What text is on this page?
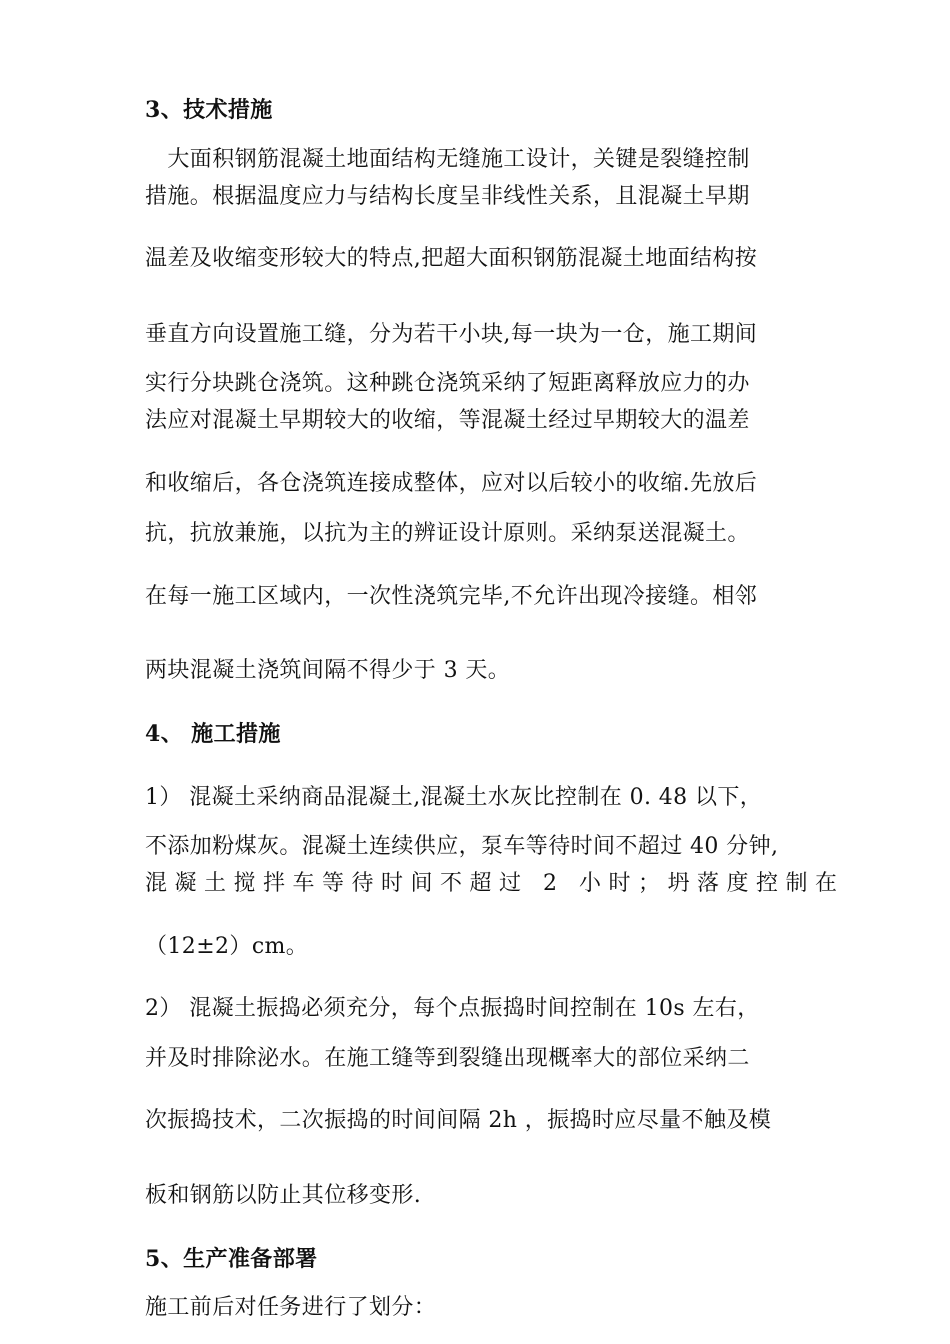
3、技术措施
　大面积钢筋混凝土地面结构无缝施工设计，关键是裂缝控制
措施。根据温度应力与结构长度呈非线性关系，且混凝土早期
温差及收缩变形较大的特点,把超大面积钢筋混凝土地面结构按
垂直方向设置施工缝，分为若干小块,每一块为一仓，施工期间
实行分块跳仓浇筑。这种跳仓浇筑采纳了短距离释放应力的办
法应对混凝土早期较大的收缩，等混凝土经过早期较大的温差
和收缩后，各仓浇筑连接成整体，应对以后较小的收缩.先放后
抗，抗放兼施，以抗为主的辨证设计原则。采纳泵送混凝土。
在每一施工区域内，一次性浇筑完毕,不允许出现冷接缝。相邻
两块混凝土浇筑间隔不得少于 3 天。
4、 施工措施
1） 混凝土采纳商品混凝土,混凝土水灰比控制在 0. 48 以下，
不添加粉煤灰。混凝土连续供应，泵车等待时间不超过 40 分钟,
混凝土搅拌车等待时间不超过 2 小时；坍落度控制在
（12±2）cm。
2） 混凝土振捣必须充分，每个点振捣时间控制在 10s 左右，
并及时排除泌水。在施工缝等到裂缝出现概率大的部位采纳二
次振捣技术，二次振捣的时间间隔 2h ，振捣时应尽量不触及模
板和钢筋以防止其位移变形.
5、生产准备部署
施工前后对任务进行了划分：
